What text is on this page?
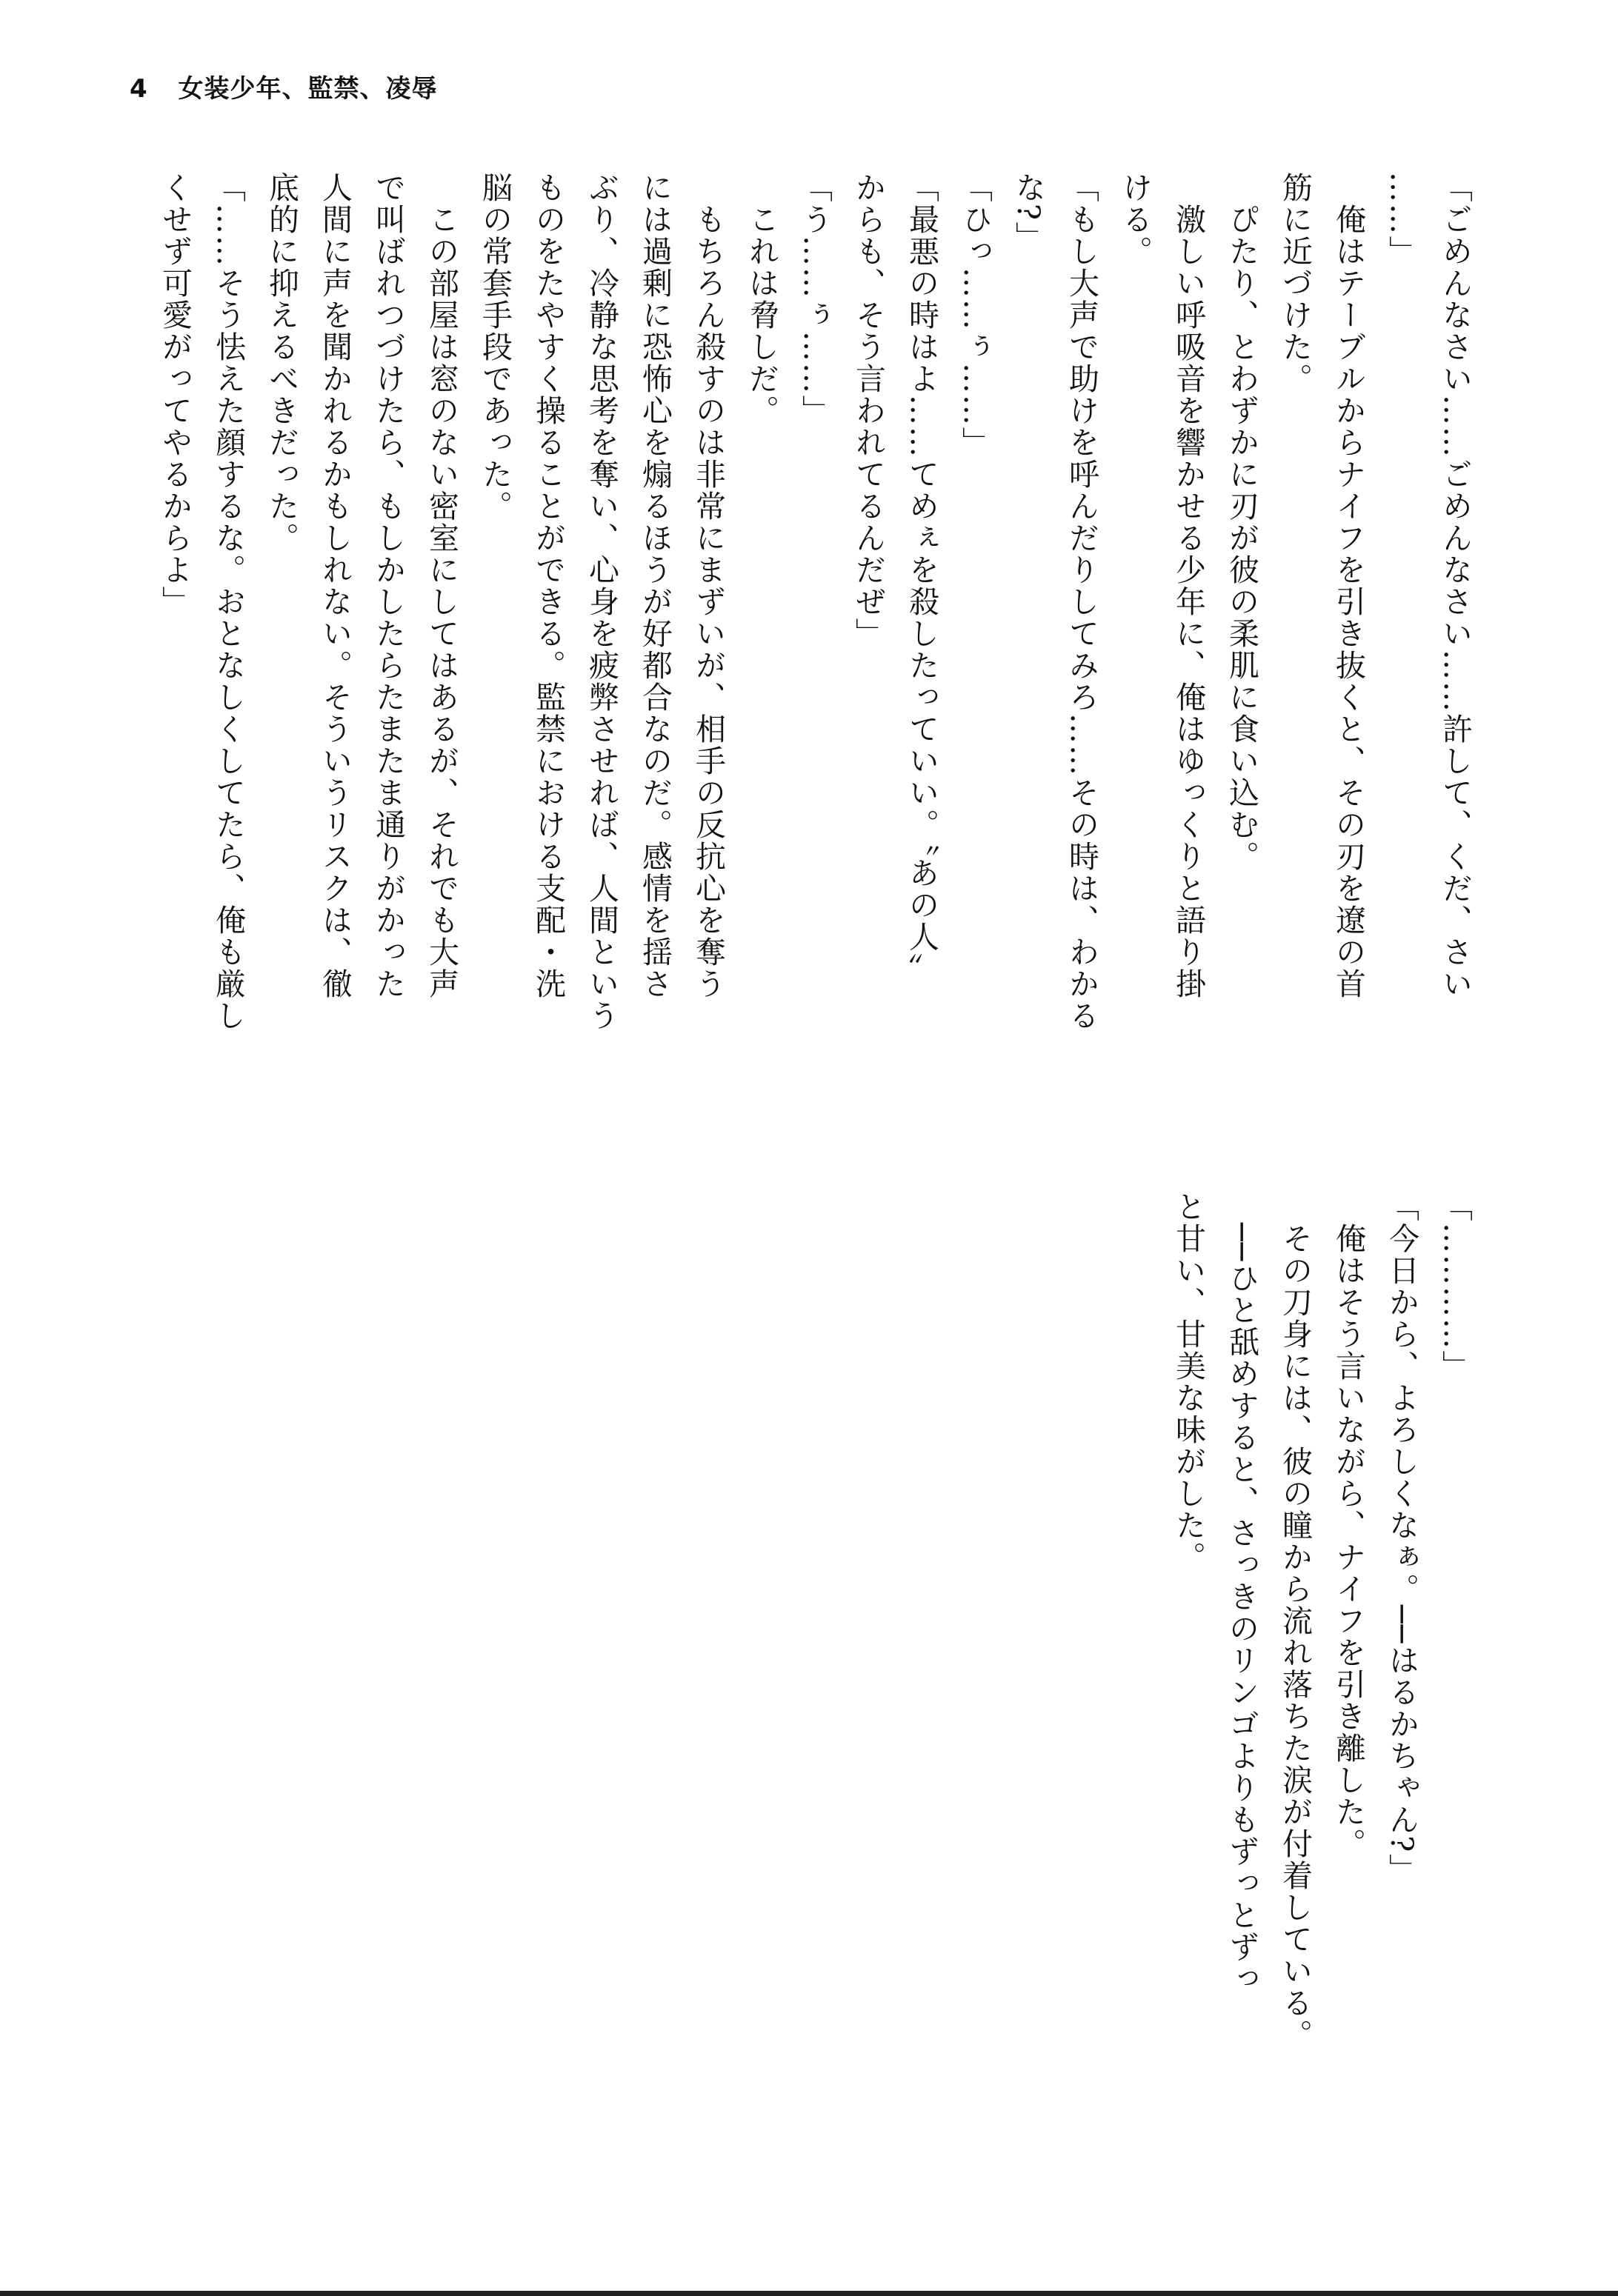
4 女装少年、監禁、凌辱
「ごめんなさい……ごめんなさい……許して、くだ、さい
……」
　俺はテーブルからナイフを引き抜くと、その刃を遼の首
筋に近づけた。
　ぴたり、とわずかに刃が彼の柔肌に食い込む。
　激しい呼吸音を響かせる少年に、俺はゆっくりと語り掛
ける。
「もし大声で助けを呼んだりしてみろ……その時は、わかる
な?」
「ひっ……ぅ……」
「最悪の時はよ……てめぇを殺したっていい。〝あの人〟
からも、そう言われてるんだぜ」
「う……ぅ……」
　これは脅しだ。
　もちろん殺すのは非常にまずいが、相手の反抗心を奪う
には過剰に恐怖心を煽るほうが好都合なのだ。感情を揺さ
ぶり、冷静な思考を奪い、心身を疲弊させれば、人間という
ものをたやすく操ることができる。監禁における支配・洗
脳の常套手段であった。
　この部屋は窓のない密室にしてはあるが、それでも大声
で叫ばれつづけたら、もしかしたらたまたま通りがかった
人間に声を聞かれるかもしれない。そういうリスクは、徹
底的に抑えるべきだった。
「……そう怯えた顔するな。おとなしくしてたら、俺も厳し
くせず可愛がってやるからよ」
「…………」
「今日から、よろしくなぁ。──はるかちゃん?」
　俺はそう言いながら、ナイフを引き離した。
　その刀身には、彼の瞳から流れ落ちた涙が付着している。
　──ひと舐めすると、さっきのリンゴよりもずっとずっ
と甘い、甘美な味がした。
